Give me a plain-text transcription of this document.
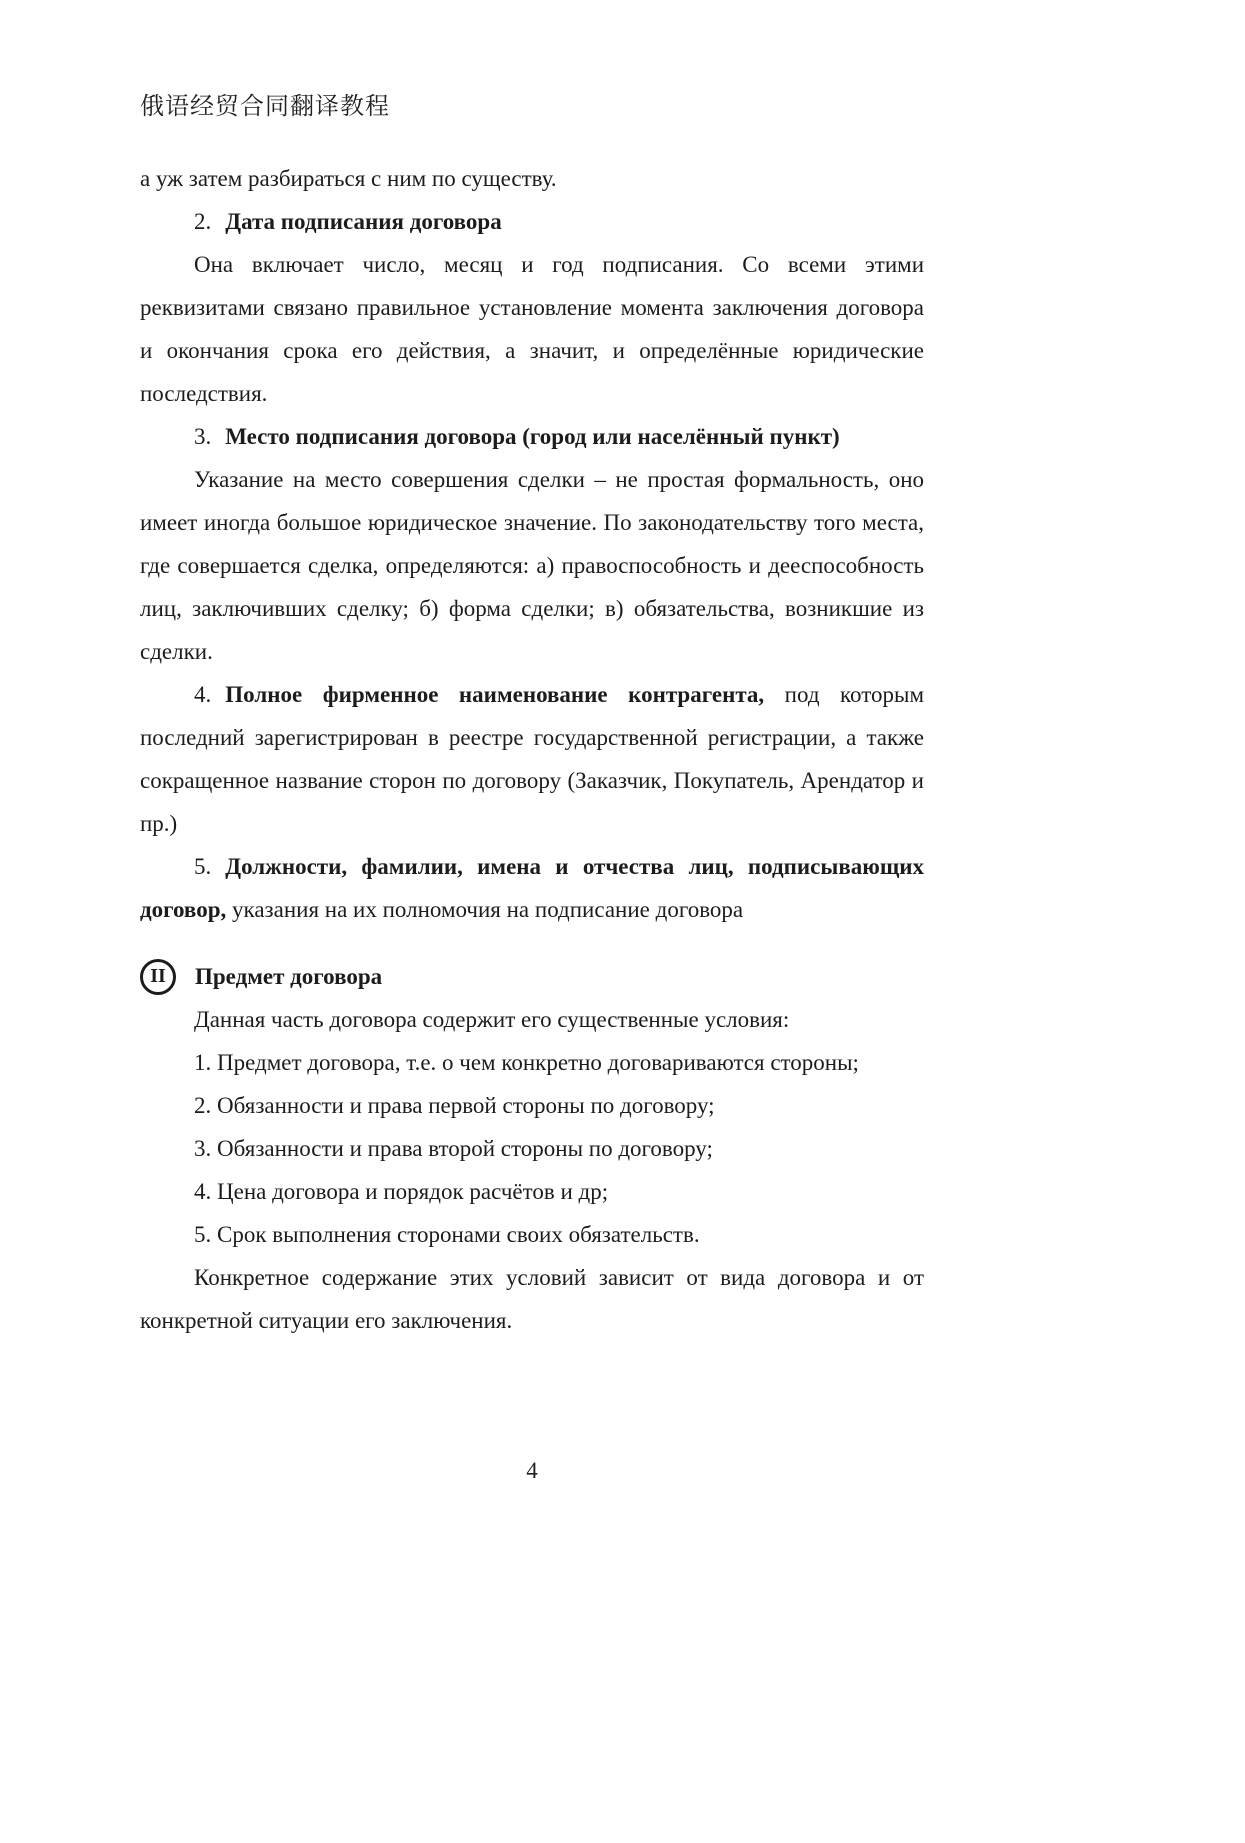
俄语经贸合同翻译教程

а уж затем разбираться с ним по существу.

2. Дата подписания договора

Она включает число, месяц и год подписания. Со всеми этими реквизитами связано правильное установление момента заключения договора и окончания срока его действия, а значит, и определённые юридические последствия.

3. Место подписания договора (город или населённый пункт)

Указание на место совершения сделки – не простая формальность, оно имеет иногда большое юридическое значение. По законодательству того места, где совершается сделка, определяются: а) правоспособность и дееспособность лиц, заключивших сделку; б) форма сделки; в) обязательства, возникшие из сделки.

4. Полное фирменное наименование контрагента, под которым последний зарегистрирован в реестре государственной регистрации, а также сокращенное название сторон по договору (Заказчик, Покупатель, Арендатор и пр.)

5. Должности, фамилии, имена и отчества лиц, подписывающих договор, указания на их полномочия на подписание договора

II Предмет договора

Данная часть договора содержит его существенные условия:

1. Предмет договора, т.е. о чем конкретно договариваются стороны;

2. Обязанности и права первой стороны по договору;

3. Обязанности и права второй стороны по договору;

4. Цена договора и порядок расчётов и др;

5. Срок выполнения сторонами своих обязательств.

Конкретное содержание этих условий зависит от вида договора и от конкретной ситуации его заключения.

4
